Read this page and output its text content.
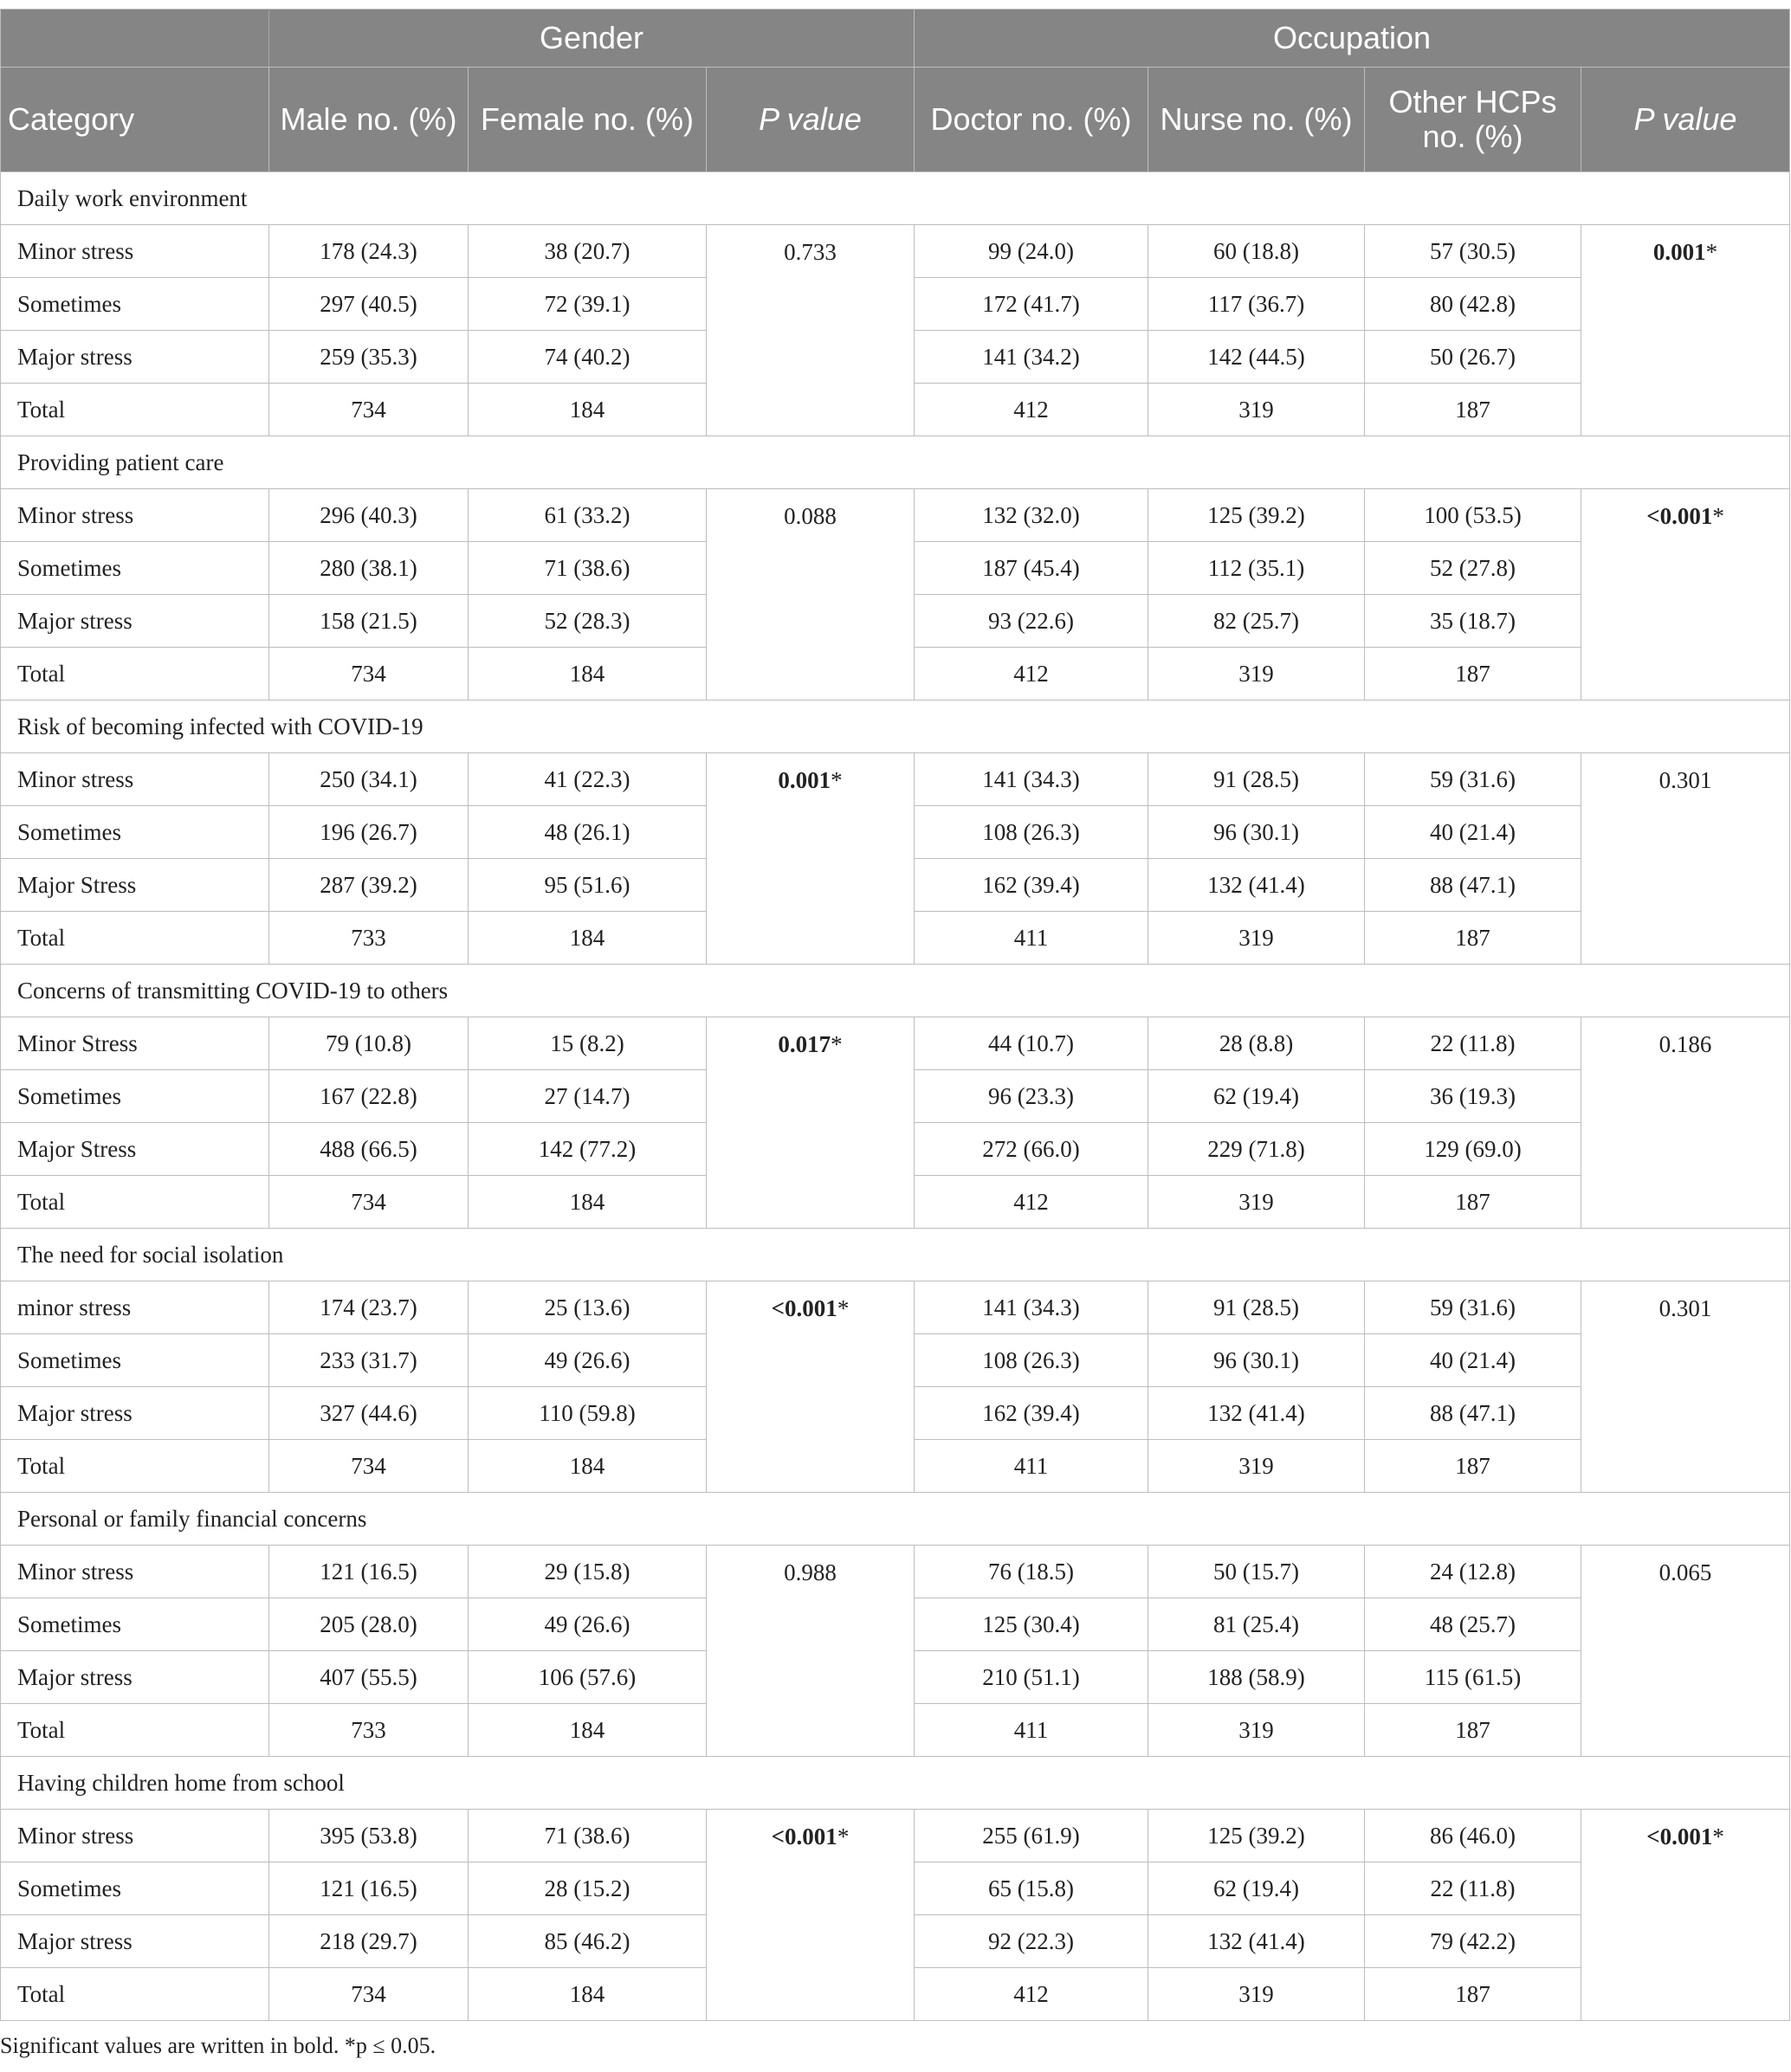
	Gender			Occupation			
Category	Male no. (%)	Female no. (%)	P value	Doctor no. (%)	Nurse no. (%)	Other HCPs no. (%)	P value
Daily work environment							
Minor stress	178 (24.3)	38 (20.7)	0.733	99 (24.0)	60 (18.8)	57 (30.5)	0.001*
Sometimes	297 (40.5)	72 (39.1)		172 (41.7)	117 (36.7)	80 (42.8)	
Major stress	259 (35.3)	74 (40.2)		141 (34.2)	142 (44.5)	50 (26.7)	
Total	734	184		412	319	187	
Providing patient care							
Minor stress	296 (40.3)	61 (33.2)	0.088	132 (32.0)	125 (39.2)	100 (53.5)	<0.001*
Sometimes	280 (38.1)	71 (38.6)		187 (45.4)	112 (35.1)	52 (27.8)	
Major stress	158 (21.5)	52 (28.3)		93 (22.6)	82 (25.7)	35 (18.7)	
Total	734	184		412	319	187	
Risk of becoming infected with COVID-19							
Minor stress	250 (34.1)	41 (22.3)	0.001*	141 (34.3)	91 (28.5)	59 (31.6)	0.301
Sometimes	196 (26.7)	48 (26.1)		108 (26.3)	96 (30.1)	40 (21.4)	
Major Stress	287 (39.2)	95 (51.6)		162 (39.4)	132 (41.4)	88 (47.1)	
Total	733	184		411	319	187	
Concerns of transmitting COVID-19 to others							
Minor Stress	79 (10.8)	15 (8.2)	0.017*	44 (10.7)	28 (8.8)	22 (11.8)	0.186
Sometimes	167 (22.8)	27 (14.7)		96 (23.3)	62 (19.4)	36 (19.3)	
Major Stress	488 (66.5)	142 (77.2)		272 (66.0)	229 (71.8)	129 (69.0)	
Total	734	184		412	319	187	
The need for social isolation							
minor stress	174 (23.7)	25 (13.6)	<0.001*	141 (34.3)	91 (28.5)	59 (31.6)	0.301
Sometimes	233 (31.7)	49 (26.6)		108 (26.3)	96 (30.1)	40 (21.4)	
Major stress	327 (44.6)	110 (59.8)		162 (39.4)	132 (41.4)	88 (47.1)	
Total	734	184		411	319	187	
Personal or family financial concerns							
Minor stress	121 (16.5)	29 (15.8)	0.988	76 (18.5)	50 (15.7)	24 (12.8)	0.065
Sometimes	205 (28.0)	49 (26.6)		125 (30.4)	81 (25.4)	48 (25.7)	
Major stress	407 (55.5)	106 (57.6)		210 (51.1)	188 (58.9)	115 (61.5)	
Total	733	184		411	319	187	
Having children home from school							
Minor stress	395 (53.8)	71 (38.6)	<0.001*	255 (61.9)	125 (39.2)	86 (46.0)	<0.001*
Sometimes	121 (16.5)	28 (15.2)		65 (15.8)	62 (19.4)	22 (11.8)	
Major stress	218 (29.7)	85 (46.2)		92 (22.3)	132 (41.4)	79 (42.2)	
Total	734	184		412	319	187	
Significant values are written in bold. *p ≤ 0.05.
